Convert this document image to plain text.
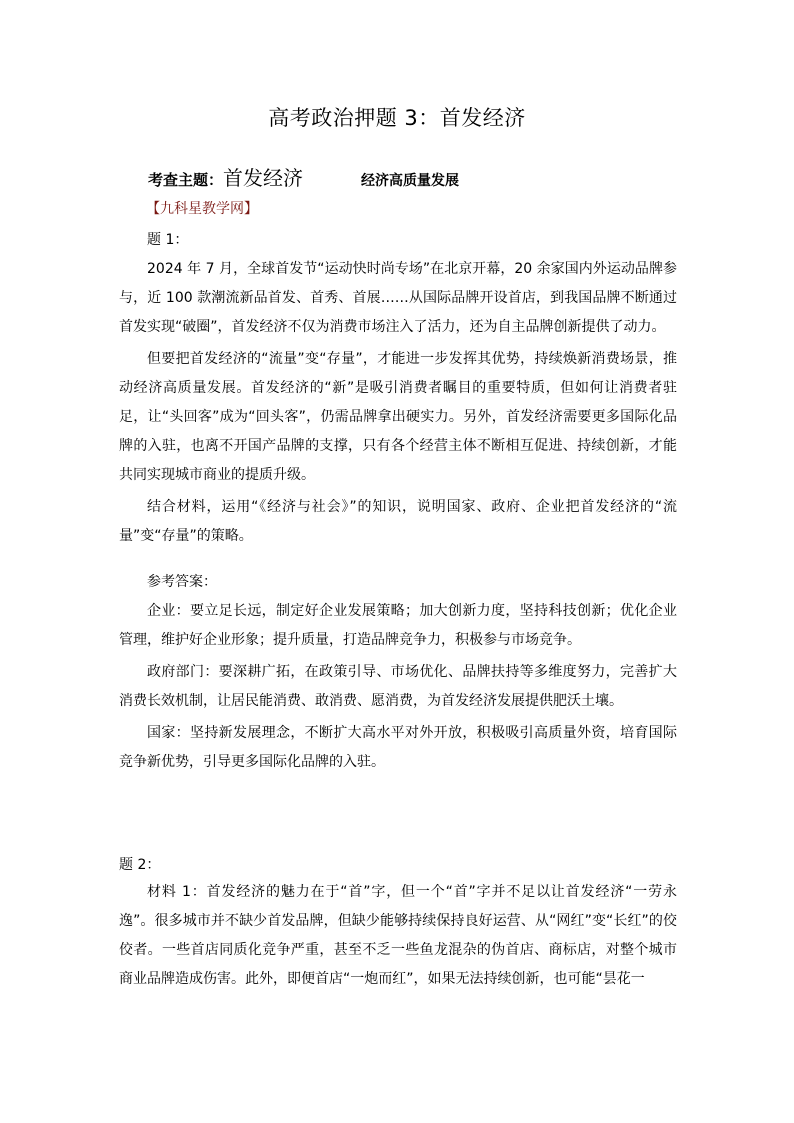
高考政治押题 3：首发经济
考查主题：首发经济	经济高质量发展
【九科星教学网】
题 1：

2024 年 7 月，全球首发节“运动快时尚专场”在北京开幕，20 余家国内外运动品牌参与，近 100 款潮流新品首发、首秀、首展……从国际品牌开设首店，到我国品牌不断通过首发实现“破圈”，首发经济不仅为消费市场注入了活力，还为自主品牌创新提供了动力。

但要把首发经济的“流量”变“存量”，才能进一步发挥其优势，持续焕新消费场景，推动经济高质量发展。首发经济的“新”是吸引消费者瞩目的重要特质，但如何让消费者驻足，让“头回客”成为“回头客”，仍需品牌拿出硬实力。另外，首发经济需要更多国际化品牌的入驻，也离不开国产品牌的支撑，只有各个经营主体不断相互促进、持续创新，才能共同实现城市商业的提质升级。

结合材料，运用“《经济与社会》”的知识，说明国家、政府、企业把首发经济的“流量”变“存量”的策略。

参考答案：

企业：要立足长远，制定好企业发展策略；加大创新力度，坚持科技创新；优化企业管理，维护好企业形象；提升质量，打造品牌竞争力，积极参与市场竞争。

政府部门：要深耕广拓，在政策引导、市场优化、品牌扶持等多维度努力，完善扩大消费长效机制，让居民能消费、敢消费、愿消费，为首发经济发展提供肥沃土壤。

国家：坚持新发展理念，不断扩大高水平对外开放，积极吸引高质量外资，培育国际竞争新优势，引导更多国际化品牌的入驻。

题 2：

材料 1：首发经济的魅力在于“首”字，但一个“首”字并不足以让首发经济“一劳永逸”。很多城市并不缺少首发品牌，但缺少能够持续保持良好运营、从“网红”变“长红”的佼佼者。一些首店同质化竞争严重，甚至不乏一些鱼龙混杂的伪首店、商标店，对整个城市商业品牌造成伤害。此外，即便首店“一炮而红”，如果无法持续创新，也可能“昙花一
